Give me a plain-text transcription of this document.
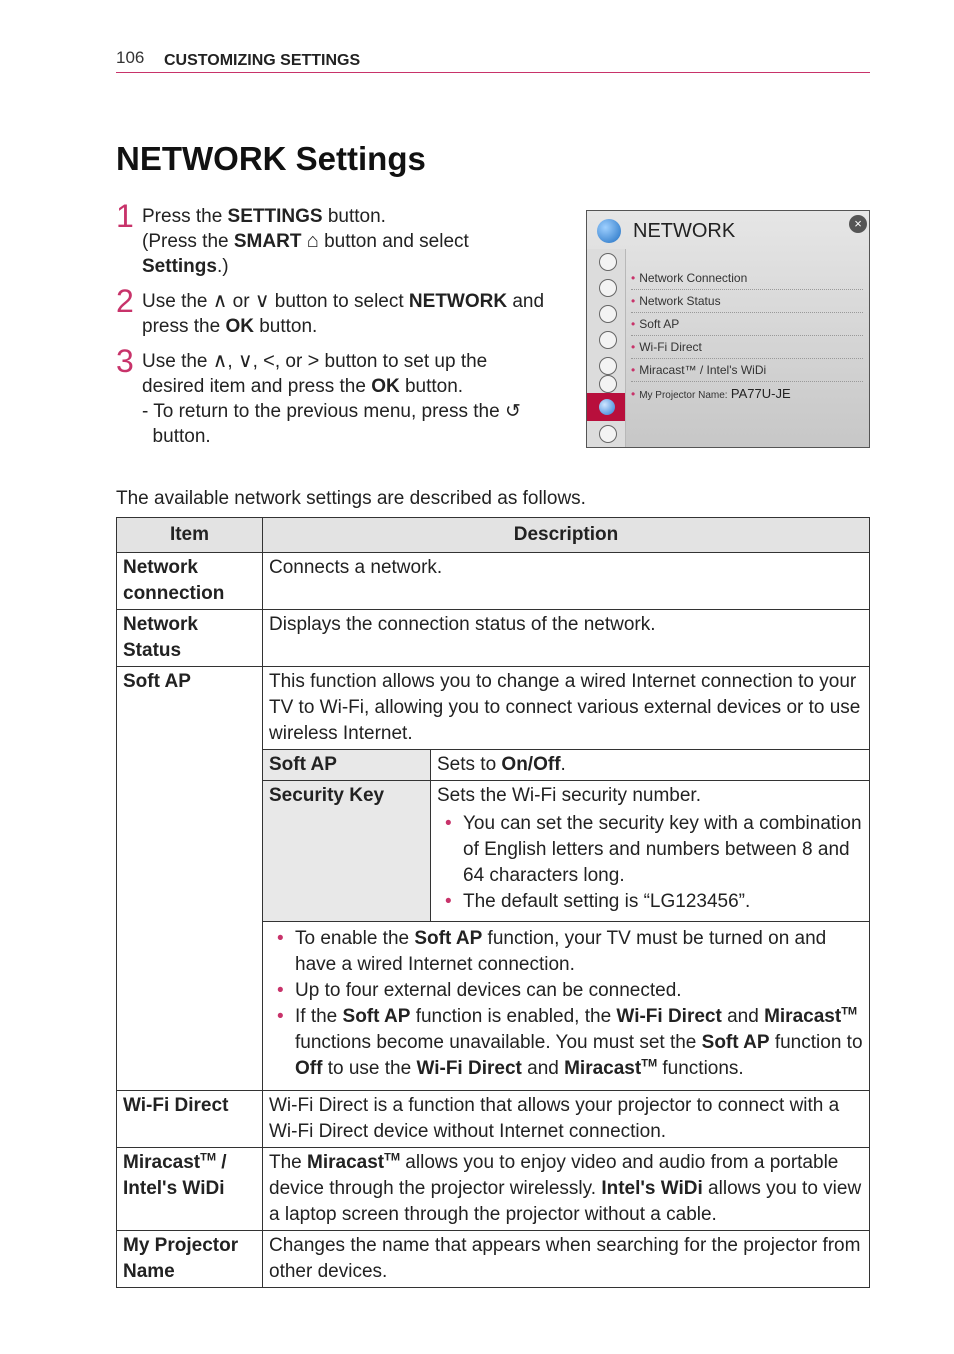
106 CUSTOMIZING SETTINGS
NETWORK Settings
1 Press the SETTINGS button.
(Press the SMART ⌂ button and select
Settings.)
2 Use the ∧ or ∨ button to select NETWORK and
press the OK button.
3 Use the ∧, ∨, <, or > button to set up the
desired item and press the OK button.
- To return to the previous menu, press the ↺
button.
NETWORK	×
• Network Connection
• Network Status
• Soft AP
• Wi-Fi Direct
• Miracast™ / Intel's WiDi
• My Projector Name: PA77U-JE
The available network settings are described as follows.
Item	Description
Network connection	Connects a network.
Network Status	Displays the connection status of the network.
Soft AP	This function allows you to change a wired Internet connection to your TV to Wi-Fi, allowing you to connect various external devices or to use wireless Internet.
Soft AP	Sets to On/Off.
Security Key	Sets the Wi-Fi security number.
• You can set the security key with a combination of English letters and numbers between 8 and 64 characters long.
• The default setting is “LG123456”.

• To enable the Soft AP function, your TV must be turned on and have a wired Internet connection.
• Up to four external devices can be connected.
• If the Soft AP function is enabled, the Wi-Fi Direct and Miracast™ functions become unavailable. You must set the Soft AP function to Off to use the Wi-Fi Direct and Miracast™ functions.

Wi-Fi Direct	Wi-Fi Direct is a function that allows your projector to connect with a Wi-Fi Direct device without Internet connection.
Miracast™ / Intel's WiDi	The Miracast™ allows you to enjoy video and audio from a portable device through the projector wirelessly. Intel's WiDi allows you to view a laptop screen through the projector without a cable.
My Projector Name	Changes the name that appears when searching for the projector from other devices.
